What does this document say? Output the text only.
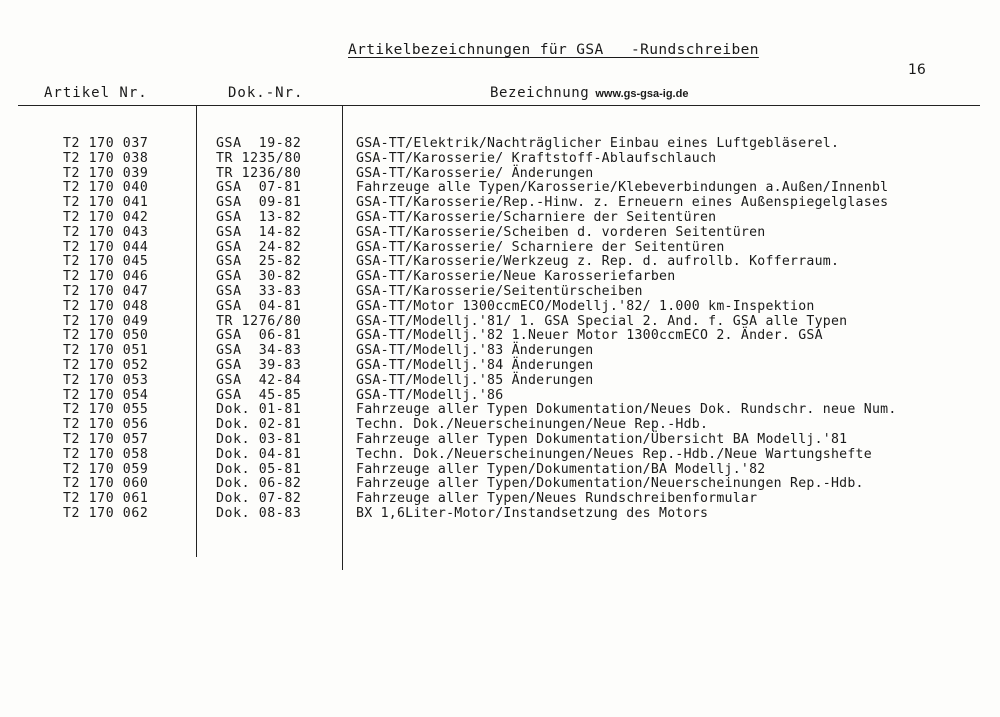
Artikelbezeichnungen für GSA   -Rundschreiben
16
Artikel Nr.	Dok.-Nr.	Bezeichnung www.gs-gsa-ig.de
T2 170 037	GSA  19-82	GSA-TT/Elektrik/Nachträglicher Einbau eines Luftgebläserel.
T2 170 038	TR 1235/80	GSA-TT/Karosserie/ Kraftstoff-Ablaufschlauch
T2 170 039	TR 1236/80	GSA-TT/Karosserie/ Änderungen
T2 170 040	GSA  07-81	Fahrzeuge alle Typen/Karosserie/Klebeverbindungen a.Außen/Innenbl
T2 170 041	GSA  09-81	GSA-TT/Karosserie/Rep.-Hinw. z. Erneuern eines Außenspiegelglases
T2 170 042	GSA  13-82	GSA-TT/Karosserie/Scharniere der Seitentüren
T2 170 043	GSA  14-82	GSA-TT/Karosserie/Scheiben d. vorderen Seitentüren
T2 170 044	GSA  24-82	GSA-TT/Karosserie/ Scharniere der Seitentüren
T2 170 045	GSA  25-82	GSA-TT/Karosserie/Werkzeug z. Rep. d. aufrollb. Kofferraum.
T2 170 046	GSA  30-82	GSA-TT/Karosserie/Neue Karosseriefarben
T2 170 047	GSA  33-83	GSA-TT/Karosserie/Seitentürscheiben
T2 170 048	GSA  04-81	GSA-TT/Motor 1300ccmECO/Modellj.'82/ 1.000 km-Inspektion
T2 170 049	TR 1276/80	GSA-TT/Modellj.'81/ 1. GSA Special 2. And. f. GSA alle Typen
T2 170 050	GSA  06-81	GSA-TT/Modellj.'82 1.Neuer Motor 1300ccmECO 2. Änder. GSA
T2 170 051	GSA  34-83	GSA-TT/Modellj.'83 Änderungen
T2 170 052	GSA  39-83	GSA-TT/Modellj.'84 Änderungen
T2 170 053	GSA  42-84	GSA-TT/Modellj.'85 Änderungen
T2 170 054	GSA  45-85	GSA-TT/Modellj.'86
T2 170 055	Dok. 01-81	Fahrzeuge aller Typen Dokumentation/Neues Dok. Rundschr. neue Num.
T2 170 056	Dok. 02-81	Techn. Dok./Neuerscheinungen/Neue Rep.-Hdb.
T2 170 057	Dok. 03-81	Fahrzeuge aller Typen Dokumentation/Übersicht BA Modellj.'81
T2 170 058	Dok. 04-81	Techn. Dok./Neuerscheinungen/Neues Rep.-Hdb./Neue Wartungshefte
T2 170 059	Dok. 05-81	Fahrzeuge aller Typen/Dokumentation/BA Modellj.'82
T2 170 060	Dok. 06-82	Fahrzeuge aller Typen/Dokumentation/Neuerscheinungen Rep.-Hdb.
T2 170 061	Dok. 07-82	Fahrzeuge aller Typen/Neues Rundschreibenformular
T2 170 062	Dok. 08-83	BX 1,6Liter-Motor/Instandsetzung des Motors
